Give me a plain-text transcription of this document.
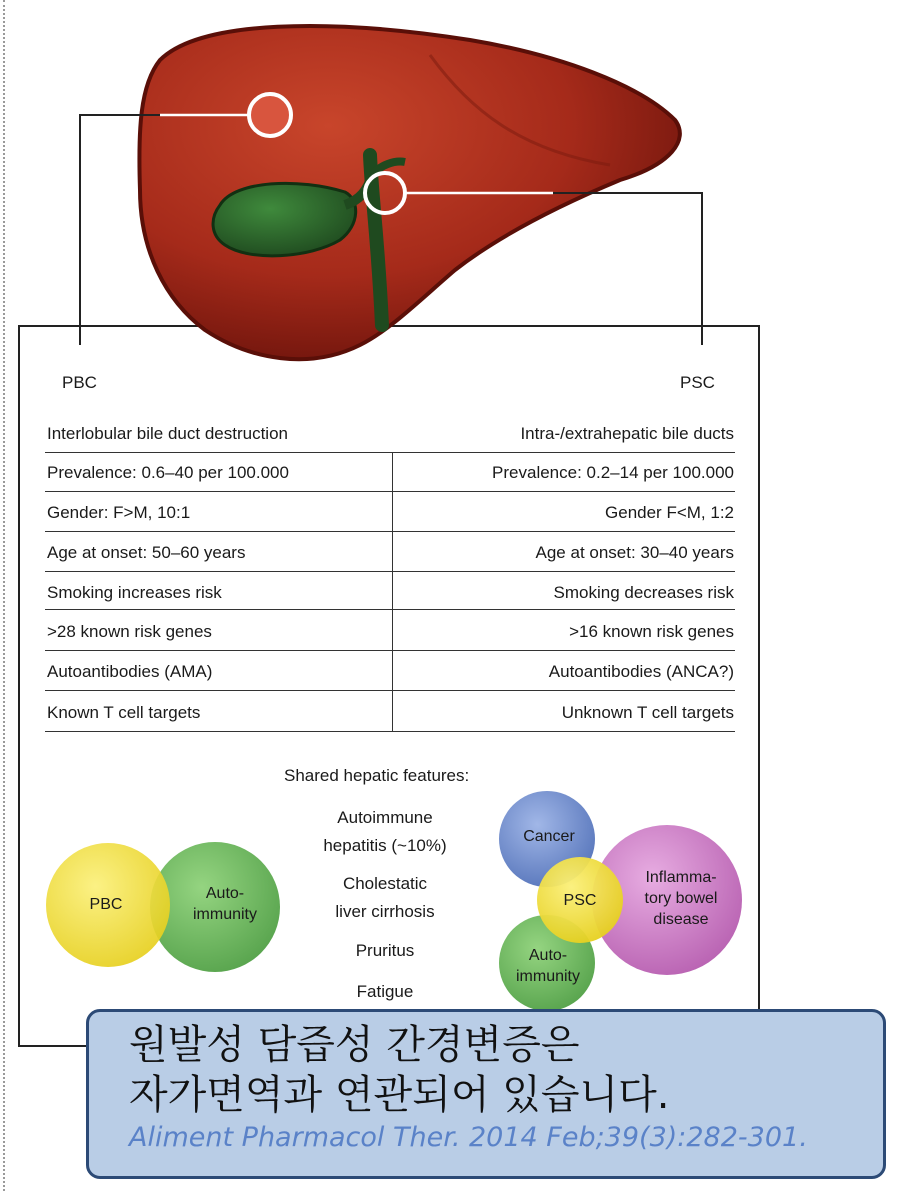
PBC	PSC
Interlobular bile duct destruction	Intra-/extrahepatic bile ducts
Prevalence: 0.6–40 per 100.000	Prevalence: 0.2–14 per 100.000
Gender: F>M, 10:1	Gender F<M, 1:2
Age at onset: 50–60 years	Age at onset: 30–40 years
Smoking increases risk	Smoking decreases risk
>28 known risk genes	>16 known risk genes
Autoantibodies (AMA)	Autoantibodies (ANCA?)
Known T cell targets	Unknown T cell targets
Shared hepatic features:
Autoimmune
hepatitis (~10%)
Cholestatic
liver cirrhosis
Pruritus
Fatigue
PBC
Auto-
immunity
Cancer
PSC
Inflamma-
tory bowel
disease
Auto-
immunity
원발성 담즙성 간경변증은
자가면역과 연관되어 있습니다.
Aliment Pharmacol Ther. 2014 Feb;39(3):282-301.
